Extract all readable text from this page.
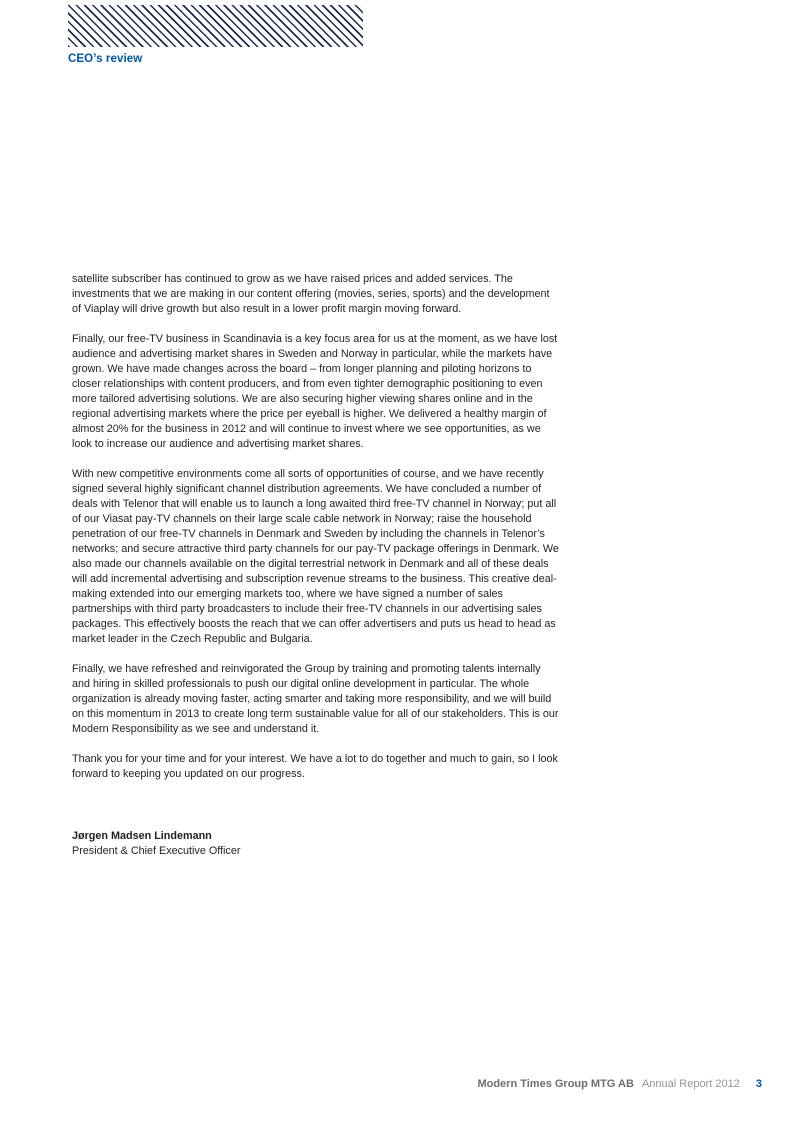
CEO’s review

satellite subscriber has continued to grow as we have raised prices and added services. The investments that we are making in our content offering (movies, series, sports) and the development of Viaplay will drive growth but also result in a lower profit margin moving forward.

Finally, our free-TV business in Scandinavia is a key focus area for us at the moment, as we have lost audience and advertising market shares in Sweden and Norway in particular, while the markets have grown. We have made changes across the board – from longer planning and piloting horizons to closer relationships with content producers, and from even tighter demographic positioning to even more tailored advertising solutions. We are also securing higher viewing shares online and in the regional advertising markets where the price per eyeball is higher. We delivered a healthy margin of almost 20% for the business in 2012 and will continue to invest where we see opportunities, as we look to increase our audience and advertising market shares.

With new competitive environments come all sorts of opportunities of course, and we have recently signed several highly significant channel distribution agreements. We have concluded a number of deals with Telenor that will enable us to launch a long awaited third free-TV channel in Norway; put all of our Viasat pay-TV channels on their large scale cable network in Norway; raise the household penetration of our free-TV channels in Denmark and Sweden by including the channels in Telenor’s networks; and secure attractive third party channels for our pay-TV package offerings in Denmark. We also made our channels available on the digital terrestrial network in Denmark and all of these deals will add incremental advertising and subscription revenue streams to the business. This creative deal-making extended into our emerging markets too, where we have signed a number of sales partnerships with third party broadcasters to include their free-TV channels in our advertising sales packages. This effectively boosts the reach that we can offer advertisers and puts us head to head as market leader in the Czech Republic and Bulgaria.

Finally, we have refreshed and reinvigorated the Group by training and promoting talents internally and hiring in skilled professionals to push our digital online development in particular. The whole organization is already moving faster, acting smarter and taking more responsibility, and we will build on this momentum in 2013 to create long term sustainable value for all of our stakeholders. This is our Modern Responsibility as we see and understand it.

Thank you for your time and for your interest. We have a lot to do together and much to gain, so I look forward to keeping you updated on our progress.

Jørgen Madsen Lindemann

President & Chief Executive Officer

Modern Times Group MTG AB Annual Report 2012 3
